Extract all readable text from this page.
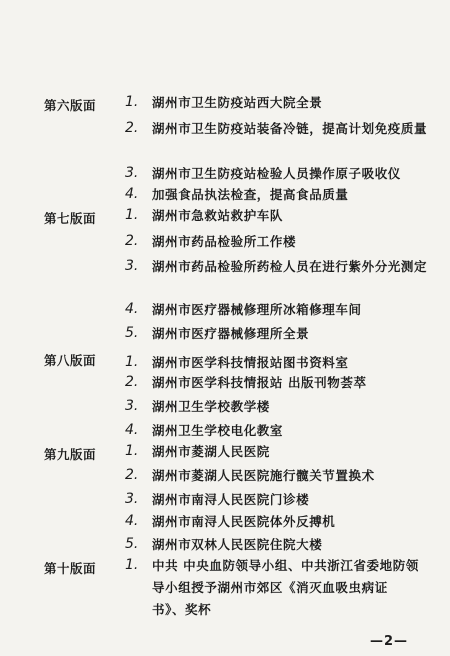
第六版面 1. 湖州市卫生防疫站西大院全景
2. 湖州市卫生防疫站装备冷链，提高计划免疫质量
3. 湖州市卫生防疫站检验人员操作原子吸收仪
4. 加强食品执法检查，提高食品质量
第七版面 1. 湖州市急救站救护车队
2. 湖州市药品检验所工作楼
3. 湖州市药品检验所药检人员在进行紫外分光测定
4. 湖州市医疗器械修理所冰箱修理车间
5. 湖州市医疗器械修理所全景
第八版面 1. 湖州市医学科技情报站图书资料室
2. 湖州市医学科技情报站 出版刊物荟萃
3. 湖州卫生学校教学楼
4. 湖州卫生学校电化教室
第九版面 1. 湖州市菱湖人民医院
2. 湖州市菱湖人民医院施行髋关节置换术
3. 湖州市南浔人民医院门诊楼
4. 湖州市南浔人民医院体外反搏机
5. 湖州市双林人民医院住院大楼
第十版面 1. 中共 中央血防领导小组、中共浙江省委地防领导小组授予湖州市郊区《消灭血吸虫病证书》、奖杯
—2—
